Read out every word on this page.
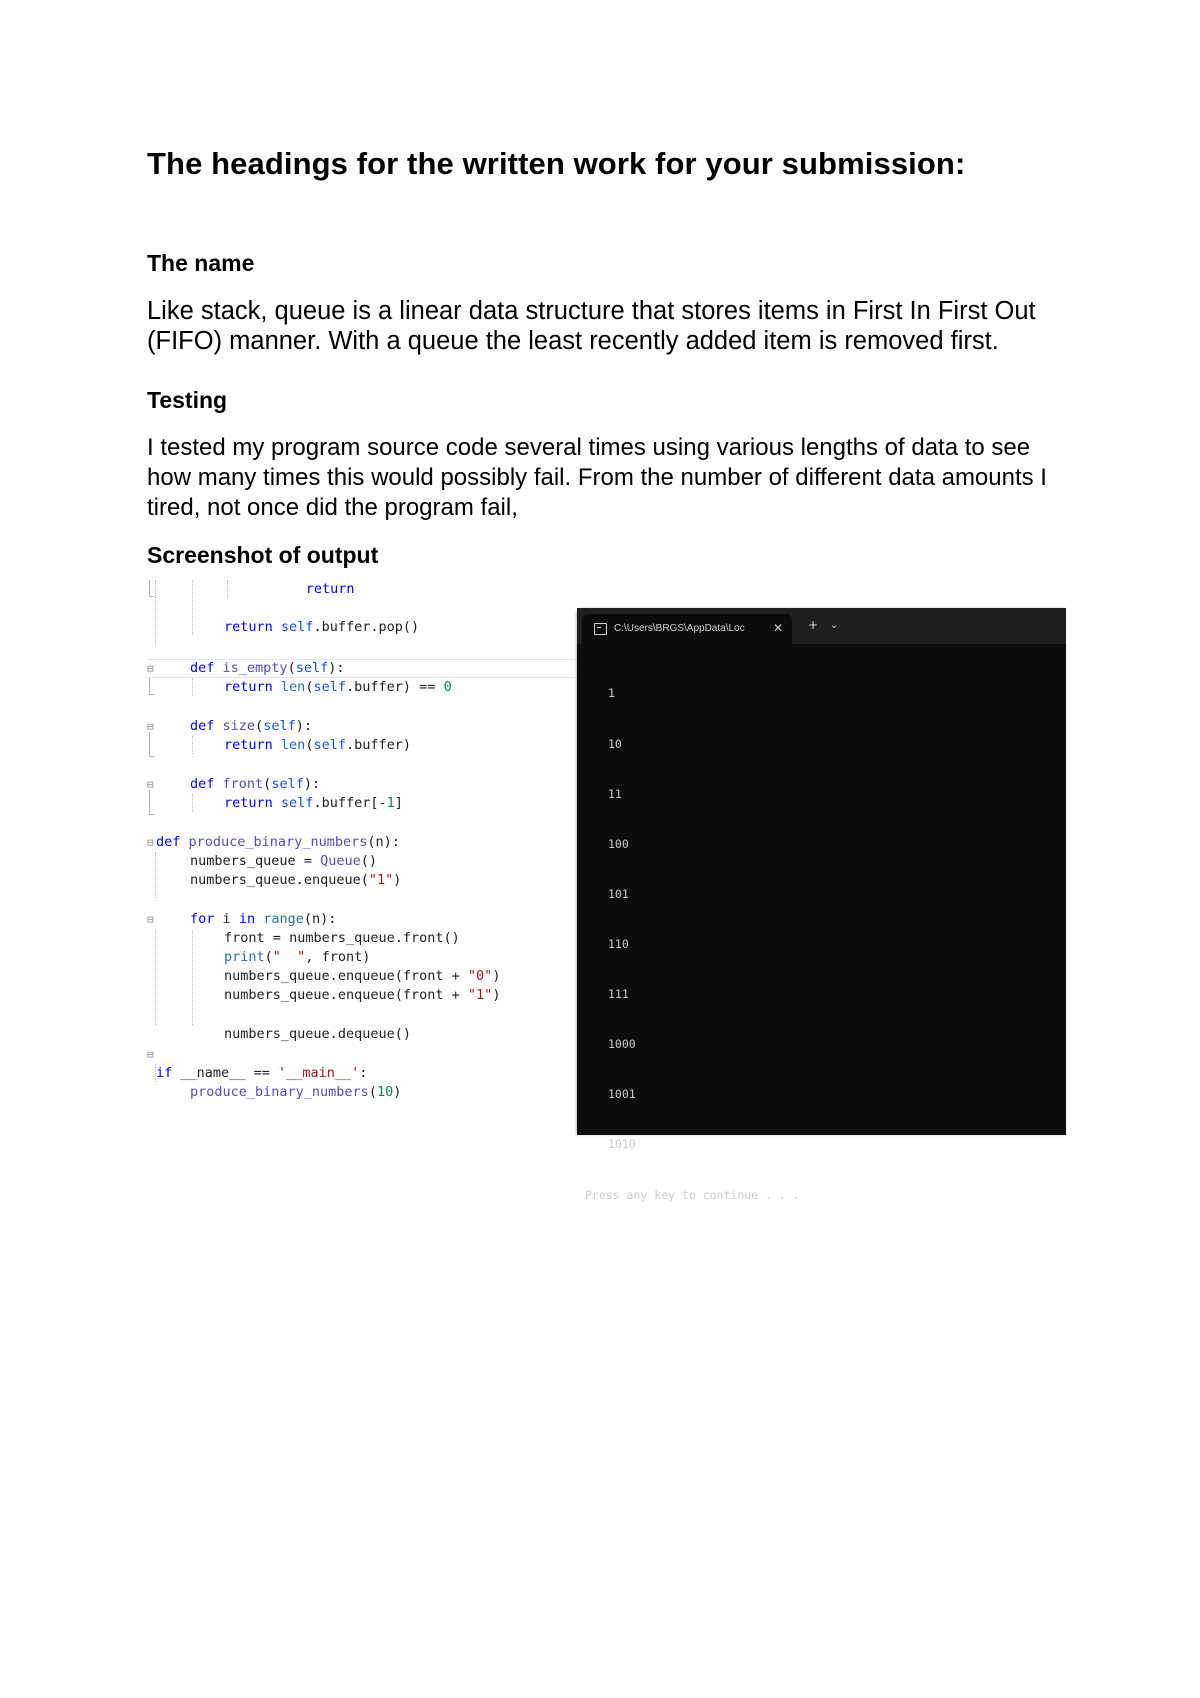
The headings for the written work for your submission:
The name

Like stack, queue is a linear data structure that stores items in First In First Out (FIFO) manner. With a queue the least recently added item is removed first.

Testing

I tested my program source code several times using various lengths of data to see how many times this would possibly fail. From the number of different data amounts I tired, not once did the program fail,

Screenshot of output
⊟
⊟
⊟
⊟
⊟
⊟

return

return self.buffer.pop()
def is_empty(self):
return len(self.buffer) == 0
def size(self):
return len(self.buffer)
def front(self):
return self.buffer[-1]
def produce_binary_numbers(n):
numbers_queue = Queue()
numbers_queue.enqueue("1")
for i in range(n):
front = numbers_queue.front()
print("  ", front)
numbers_queue.enqueue(front + "0")
numbers_queue.enqueue(front + "1")
numbers_queue.dequeue()
if __name__ == '__main__':
produce_binary_numbers(10)
C:\Users\BRGS\AppData\Loc	✕ + ⌄

1

10

11

100

101

110

111

1000

1001

1010

Press any key to continue . . .
